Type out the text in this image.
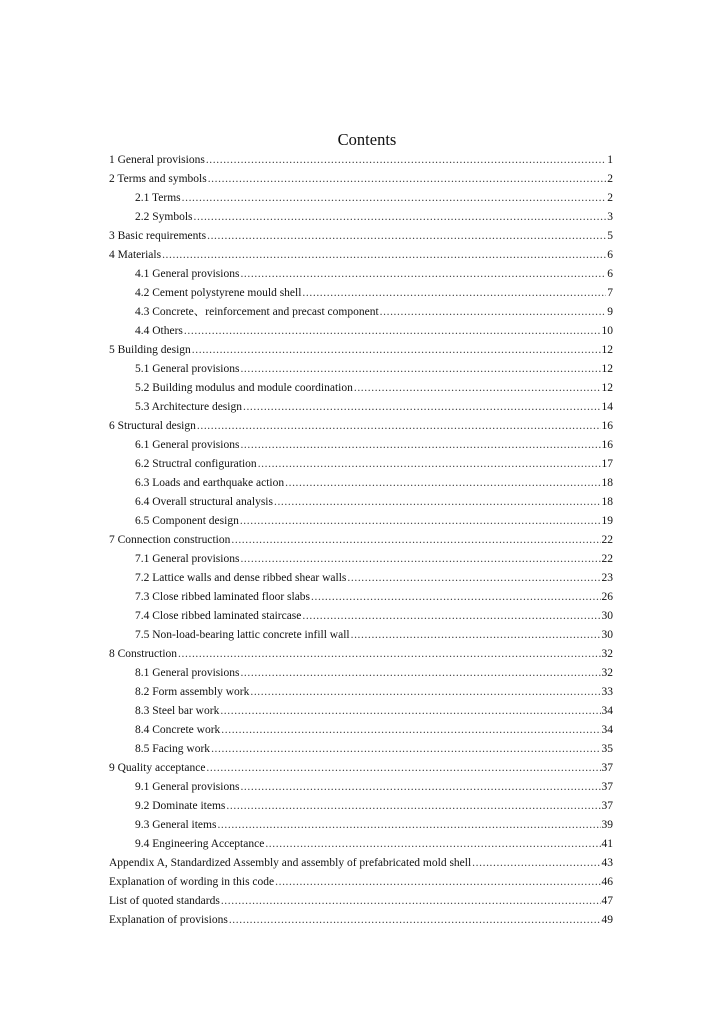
Contents
1 General provisions .....	1
2 Terms and symbols .....	2
2.1 Terms .....	2
2.2 Symbols .....	3
3 Basic requirements .....	5
4 Materials .....	6
4.1 General provisions .....	6
4.2 Cement polystyrene mould shell .....	7
4.3 Concrete、reinforcement and precast component .....	9
4.4 Others .....	10
5 Building design .....	12
5.1 General provisions .....	12
5.2 Building modulus and module coordination .....	12
5.3 Architecture design .....	14
6 Structural design .....	16
6.1 General provisions .....	16
6.2 Structral configuration .....	17
6.3 Loads and earthquake action .....	18
6.4 Overall structural analysis .....	18
6.5 Component design .....	19
7 Connection construction .....	22
7.1 General provisions .....	22
7.2 Lattice walls and dense ribbed shear walls .....	23
7.3 Close ribbed laminated floor slabs .....	26
7.4 Close ribbed laminated staircase .....	30
7.5 Non-load-bearing lattic concrete infill wall .....	30
8 Construction .....	32
8.1 General provisions .....	32
8.2 Form assembly work .....	33
8.3 Steel bar work .....	34
8.4 Concrete work .....	34
8.5 Facing work .....	35
9 Quality acceptance .....	37
9.1 General provisions .....	37
9.2 Dominate items .....	37
9.3 General items .....	39
9.4 Engineering Acceptance .....	41
Appendix A, Standardized Assembly and assembly of prefabricated mold shell .....	43
Explanation of wording in this code .....	46
List of quoted standards .....	47
Explanation of provisions .....	49
